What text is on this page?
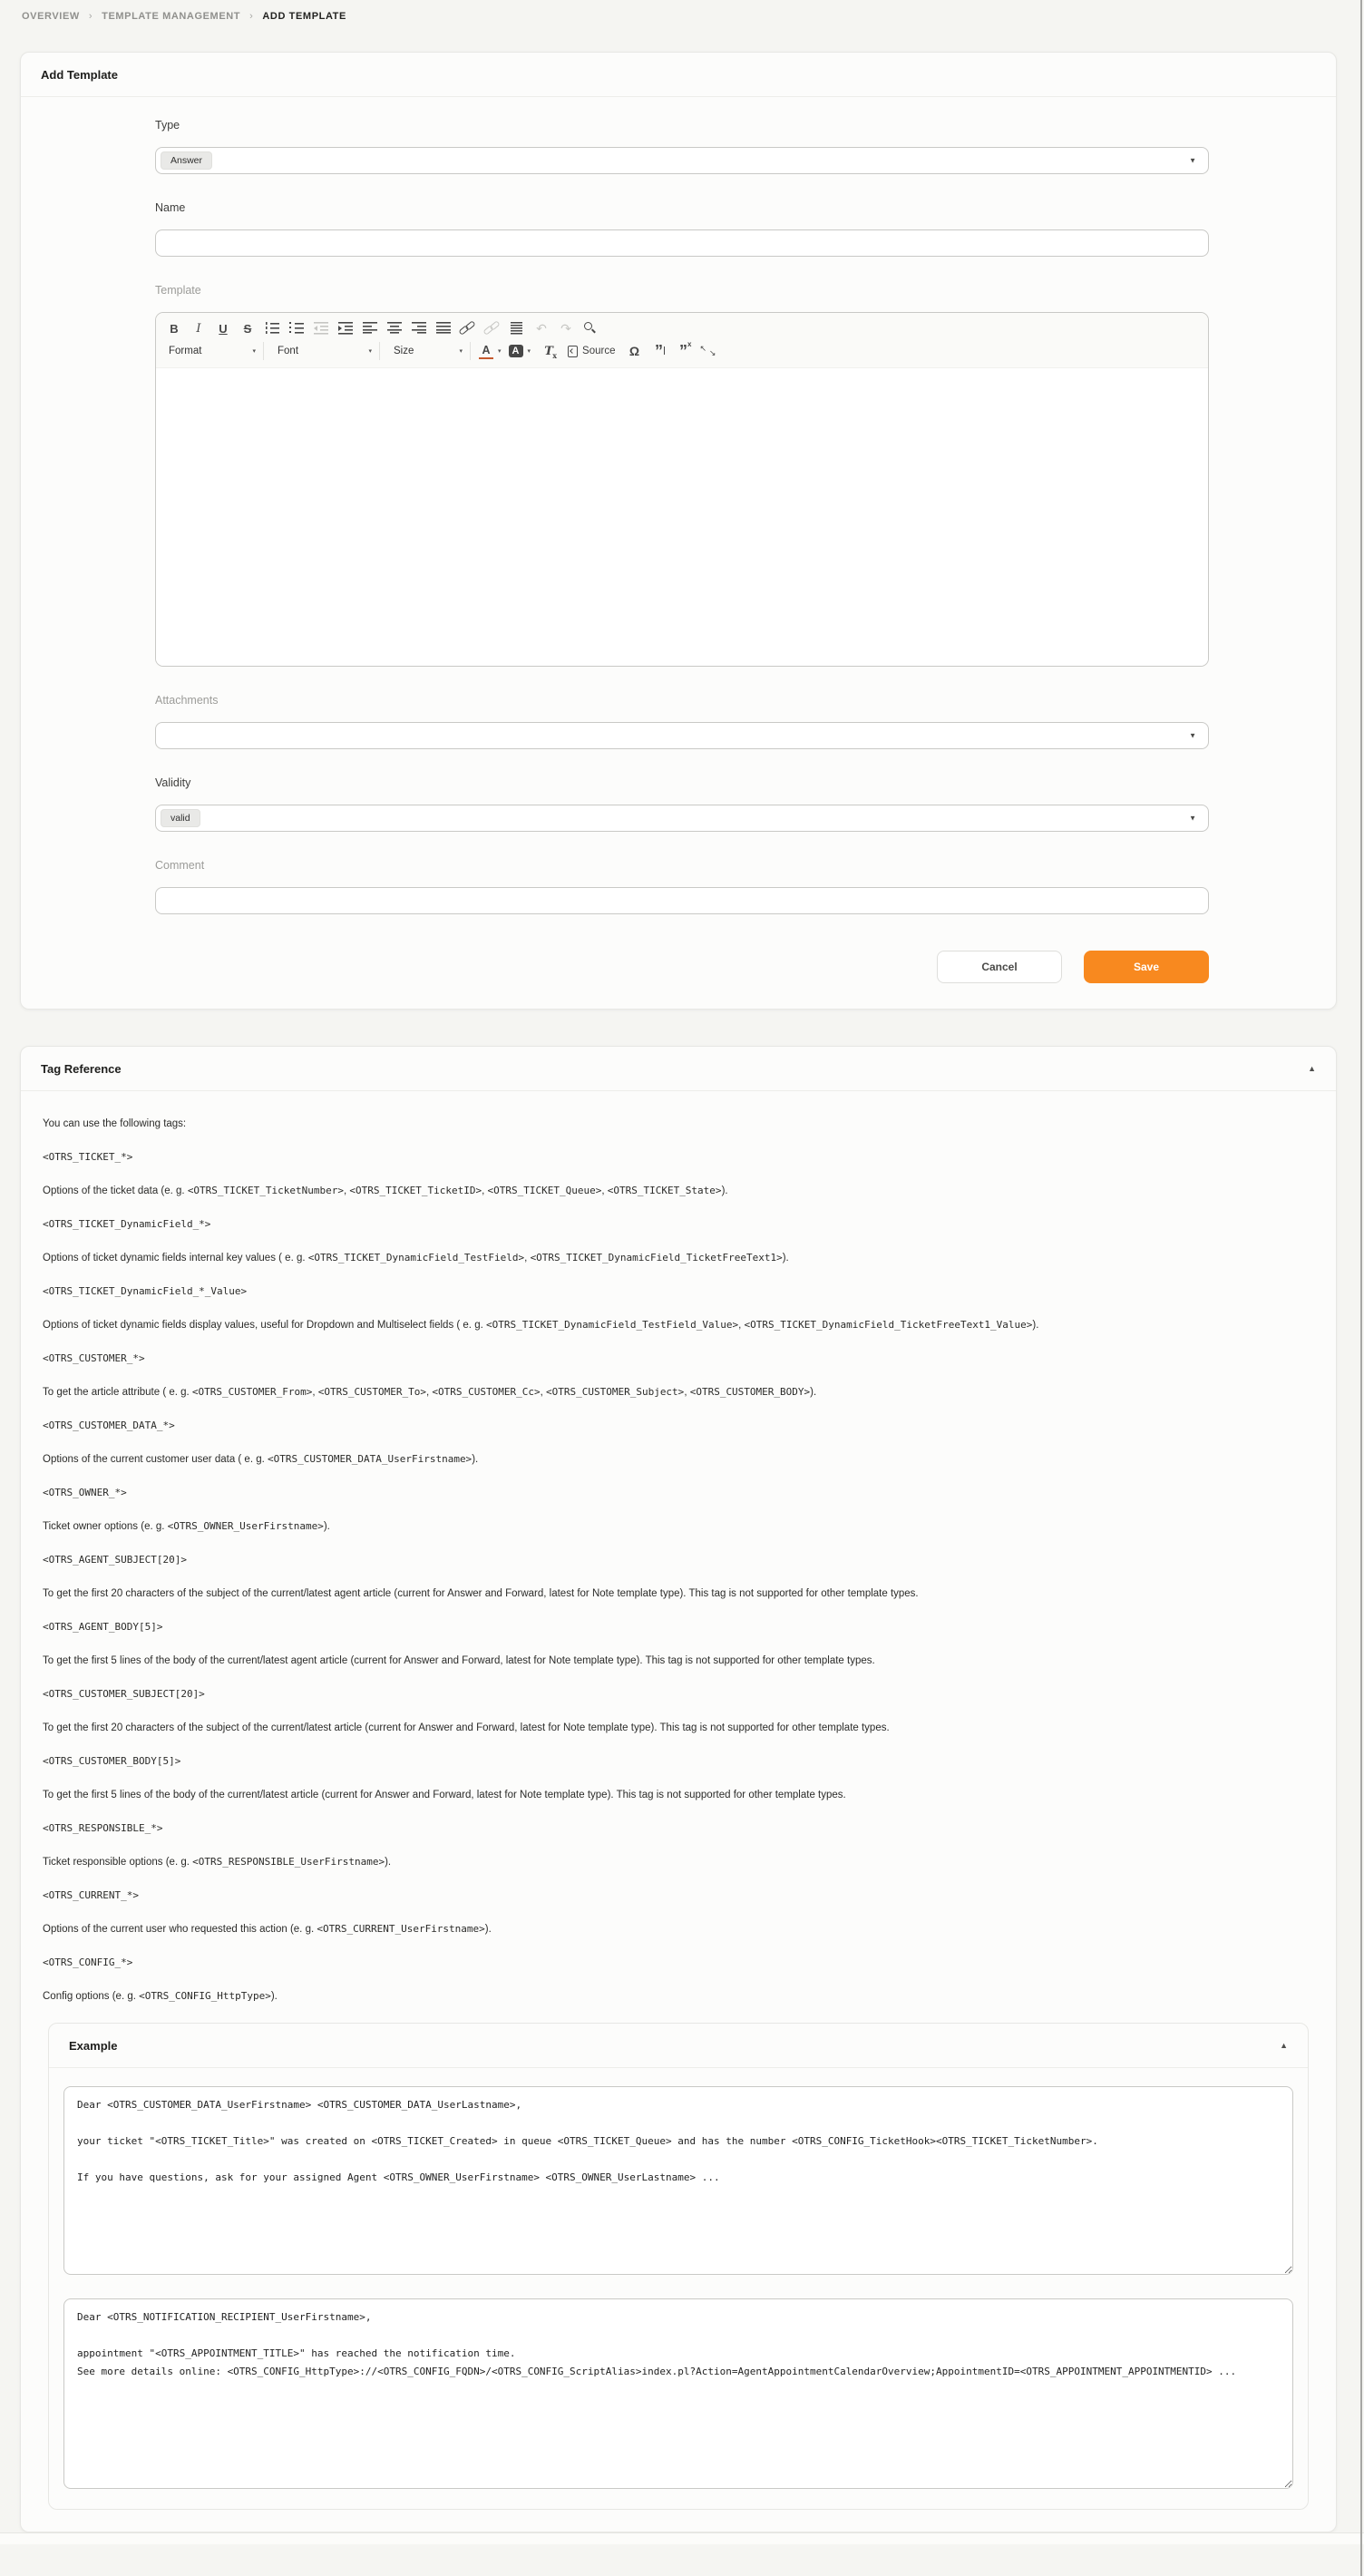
OVERVIEW › TEMPLATE MANAGEMENT › ADD TEMPLATE
Add Template
Type
Answer	▼
Name
Template
B	I	U	S	↶	↷
Format	▾ Font	▾ Size	▾ A	▾	A	▾	T x	Source	Ω ”	” x
↖ ↘
Attachments
▼
Validity
valid	▼
Comment
Cancel	Save
Tag Reference	▲

You can use the following tags:

<OTRS_TICKET_*>

Options of the ticket data (e. g. <OTRS_TICKET_TicketNumber>, <OTRS_TICKET_TicketID>, <OTRS_TICKET_Queue>, <OTRS_TICKET_State>).

<OTRS_TICKET_DynamicField_*>

Options of ticket dynamic fields internal key values ( e. g. <OTRS_TICKET_DynamicField_TestField>, <OTRS_TICKET_DynamicField_TicketFreeText1>).

<OTRS_TICKET_DynamicField_*_Value>

Options of ticket dynamic fields display values, useful for Dropdown and Multiselect fields ( e. g. <OTRS_TICKET_DynamicField_TestField_Value>, <OTRS_TICKET_DynamicField_TicketFreeText1_Value>).

<OTRS_CUSTOMER_*>

To get the article attribute ( e. g. <OTRS_CUSTOMER_From>, <OTRS_CUSTOMER_To>, <OTRS_CUSTOMER_Cc>, <OTRS_CUSTOMER_Subject>, <OTRS_CUSTOMER_BODY>).

<OTRS_CUSTOMER_DATA_*>

Options of the current customer user data ( e. g. <OTRS_CUSTOMER_DATA_UserFirstname>).

<OTRS_OWNER_*>

Ticket owner options (e. g. <OTRS_OWNER_UserFirstname>).

<OTRS_AGENT_SUBJECT[20]>

To get the first 20 characters of the subject of the current/latest agent article (current for Answer and Forward, latest for Note template type). This tag is not supported for other template types.

<OTRS_AGENT_BODY[5]>

To get the first 5 lines of the body of the current/latest agent article (current for Answer and Forward, latest for Note template type). This tag is not supported for other template types.

<OTRS_CUSTOMER_SUBJECT[20]>

To get the first 20 characters of the subject of the current/latest article (current for Answer and Forward, latest for Note template type). This tag is not supported for other template types.

<OTRS_CUSTOMER_BODY[5]>

To get the first 5 lines of the body of the current/latest article (current for Answer and Forward, latest for Note template type). This tag is not supported for other template types.

<OTRS_RESPONSIBLE_*>

Ticket responsible options (e. g. <OTRS_RESPONSIBLE_UserFirstname>).

<OTRS_CURRENT_*>

Options of the current user who requested this action (e. g. <OTRS_CURRENT_UserFirstname>).

<OTRS_CONFIG_*>

Config options (e. g. <OTRS_CONFIG_HttpType>).

Example	▲
Dear <OTRS_CUSTOMER_DATA_UserFirstname> <OTRS_CUSTOMER_DATA_UserLastname>, your ticket "<OTRS_TICKET_Title>" was created on <OTRS_TICKET_Created> in queue <OTRS_TICKET_Queue> and has the number <OTRS_CONFIG_TicketHook><OTRS_TICKET_TicketNumber>. If you have questions, ask for your assigned Agent <OTRS_OWNER_UserFirstname> <OTRS_OWNER_UserLastname> ...
Dear <OTRS_NOTIFICATION_RECIPIENT_UserFirstname>, appointment "<OTRS_APPOINTMENT_TITLE>" has reached the notification time. See more details online: <OTRS_CONFIG_HttpType>://<OTRS_CONFIG_FQDN>/<OTRS_CONFIG_ScriptAlias>index.pl?Action=AgentAppointmentCalendarOverview;AppointmentID=<OTRS_APPOINTMENT_APPOINTMENTID> ...
